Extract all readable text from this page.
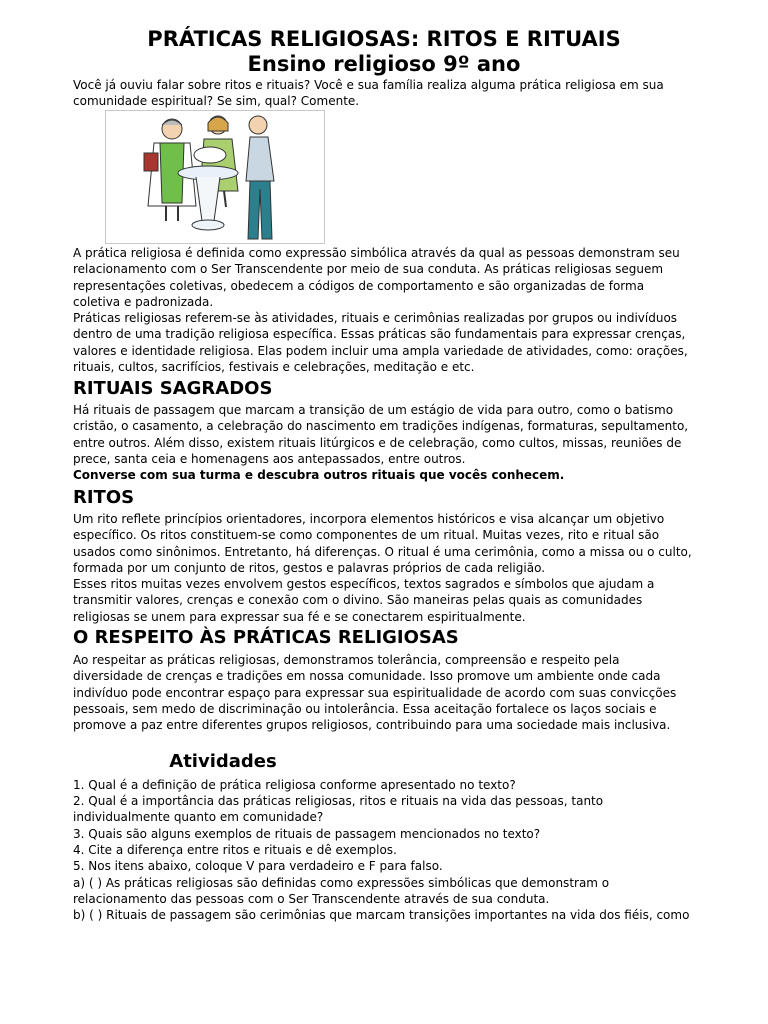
PRÁTICAS RELIGIOSAS: RITOS E RITUAIS
Ensino religioso 9º ano

Você já ouviu falar sobre ritos e rituais? Você e sua família realiza alguma prática religiosa em sua comunidade espiritual? Se sim, qual? Comente.

A prática religiosa é definida como expressão simbólica através da qual as pessoas demonstram seu relacionamento com o Ser Transcendente por meio de sua conduta. As práticas religiosas seguem representações coletivas, obedecem a códigos de comportamento e são organizadas de forma coletiva e padronizada.

Práticas religiosas referem-se às atividades, rituais e cerimônias realizadas por grupos ou indivíduos dentro de uma tradição religiosa específica. Essas práticas são fundamentais para expressar crenças, valores e identidade religiosa. Elas podem incluir uma ampla variedade de atividades, como: orações, rituais, cultos, sacrifícios, festivais e celebrações, meditação e etc.

RITUAIS SAGRADOS

Há rituais de passagem que marcam a transição de um estágio de vida para outro, como o batismo cristão, o casamento, a celebração do nascimento em tradições indígenas, formaturas, sepultamento, entre outros. Além disso, existem rituais litúrgicos e de celebração, como cultos, missas, reuniões de prece, santa ceia e homenagens aos antepassados, entre outros.

Converse com sua turma e descubra outros rituais que vocês conhecem.

RITOS

Um rito reflete princípios orientadores, incorpora elementos históricos e visa alcançar um objetivo específico. Os ritos constituem-se como componentes de um ritual. Muitas vezes, rito e ritual são usados como sinônimos. Entretanto, há diferenças. O ritual é uma cerimônia, como a missa ou o culto, formada por um conjunto de ritos, gestos e palavras próprios de cada religião.

Esses ritos muitas vezes envolvem gestos específicos, textos sagrados e símbolos que ajudam a transmitir valores, crenças e conexão com o divino. São maneiras pelas quais as comunidades religiosas se unem para expressar sua fé e se conectarem espiritualmente.

O RESPEITO ÀS PRÁTICAS RELIGIOSAS

Ao respeitar as práticas religiosas, demonstramos tolerância, compreensão e respeito pela diversidade de crenças e tradições em nossa comunidade. Isso promove um ambiente onde cada indivíduo pode encontrar espaço para expressar sua espiritualidade de acordo com suas convicções pessoais, sem medo de discriminação ou intolerância. Essa aceitação fortalece os laços sociais e promove a paz entre diferentes grupos religiosos, contribuindo para uma sociedade mais inclusiva.

Atividades

1. Qual é a definição de prática religiosa conforme apresentado no texto?

2. Qual é a importância das práticas religiosas, ritos e rituais na vida das pessoas, tanto individualmente quanto em comunidade?

3. Quais são alguns exemplos de rituais de passagem mencionados no texto?

4. Cite a diferença entre ritos e rituais e dê exemplos.

5. Nos itens abaixo, coloque V para verdadeiro e F para falso.

a) ( ) As práticas religiosas são definidas como expressões simbólicas que demonstram o relacionamento das pessoas com o Ser Transcendente através de sua conduta.

b) ( ) Rituais de passagem são cerimônias que marcam transições importantes na vida dos fiéis, como
